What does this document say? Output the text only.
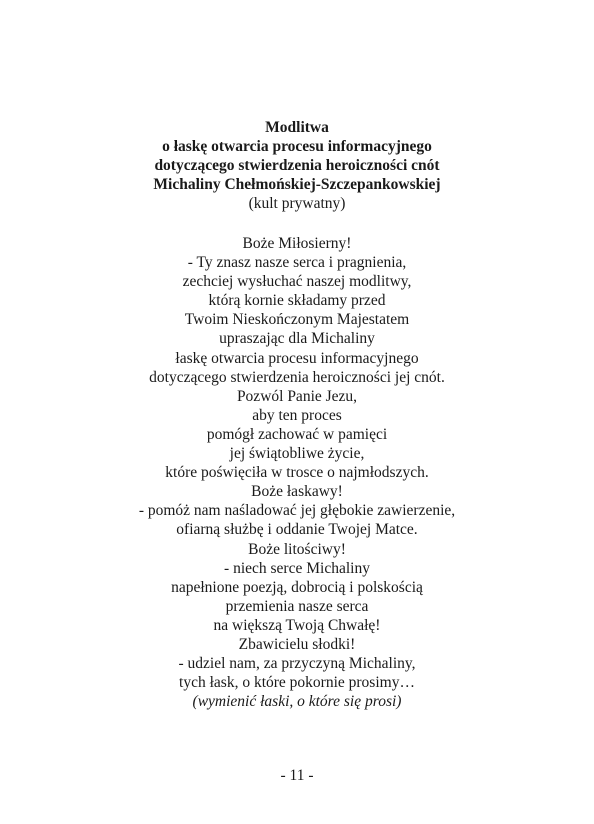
Modlitwa
o łaskę otwarcia procesu informacyjnego
dotyczącego stwierdzenia heroiczności cnót
Michaliny Chełmońskiej-Szczepankowskiej
(kult prywatny)
Boże Miłosierny!
- Ty znasz nasze serca i pragnienia,
zechciej wysłuchać naszej modlitwy,
którą kornie składamy przed
Twoim Nieskończonym Majestatem
upraszając dla Michaliny
łaskę otwarcia procesu informacyjnego
dotyczącego stwierdzenia heroiczności jej cnót.
Pozwól Panie Jezu,
aby ten proces
pomógł zachować w pamięci
jej świątobliwe życie,
które poświęciła w trosce o najmłodszych.
Boże łaskawy!
- pomóż nam naśladować jej głębokie zawierzenie,
ofiarną służbę i oddanie Twojej Matce.
Boże litościwy!
- niech serce Michaliny
napełnione poezją, dobrocią i polskością
przemienia nasze serca
na większą Twoją Chwałę!
Zbawicielu słodki!
- udziel nam, za przyczyną Michaliny,
tych łask, o które pokornie prosimy…
(wymienić łaski, o które się prosi)
- 11 -
